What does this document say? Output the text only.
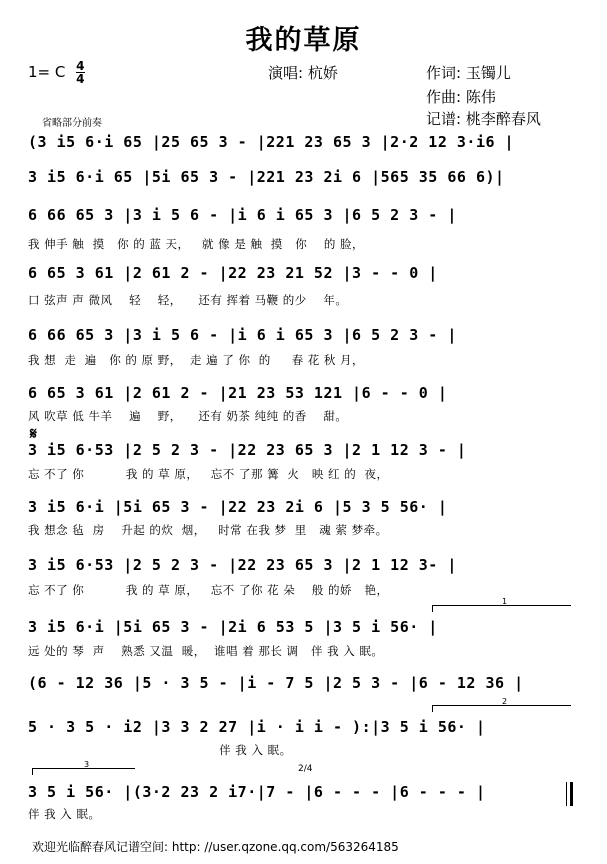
我的草原
1= C $\frac{4}{4}$	演唱: 杭娇	作词: 玉镯儿
作曲: 陈伟
记谱: 桃李醉春风
省略部分前奏
(3 i5 6·i 65 |25 65 3 - |221 23 65 3 |2·2 12 3·i6 |
3 i5 6·i 65 |5i 65 3 - |221 23 2i 6 |565 35 66 6)|
6 66 65 3 |3 i 5 6 - |i 6 i 65 3 |6 5 2 3 - |
我 伸手 触  摸   你 的 蓝 天，   就 像 是 触  摸   你    的 脸，
6 65 3 61 |2 61 2 - |22 23 21 52 |3 - - 0 |
口 弦声 声 微风    轻    轻，    还有 挥着 马鞭 的少    年。
6 66 65 3 |3 i 5 6 - |i 6 i 65 3 |6 5 2 3 - |
我 想  走  遍   你 的 原 野，  走 遍 了 你  的     春 花 秋 月，
6 65 3 61 |2 61 2 - |21 23 53 121 |6 - - 0 |
风 吹草 低 牛羊    遍    野，    还有 奶茶 纯纯 的香    甜。
𝄋
3 i5 6·53 |2 5 2 3 - |22 23 65 3 |2 1 12 3 - |
忘 不了 你          我 的 草 原，   忘不 了那 篝  火   映 红 的  夜，
3 i5 6·i |5i 65 3 - |22 23 2i 6 |5 3 5 56· |
我 想念 毡  房    升起 的炊  烟，   时常 在我 梦  里   魂 萦 梦牵。
3 i5 6·53 |2 5 2 3 - |22 23 65 3 |2 1 12 3- |
忘 不了 你          我 的 草 原，   忘不 了你 花 朵    般 的娇   艳，
1
3 i5 6·i |5i 65 3 - |2i 6 53 5 |3 5 i 56· |
远 处的 琴  声    熟悉 又温  暖，  谁唱 着 那长 调   伴 我 入 眠。
(6 - 12 36 |5 · 3 5 - |i - 7 5 |2 5 3 - |6 - 12 36 |
2
5 · 3 5 · i2 |3 3 2 27 |i · i i - ):|3 5 i 56· |
伴 我 入 眠。
3	2/4
3 5 i 56· |(3·2 23 2 i7·|7 - |6 - - - |6 - - - |
伴 我 入 眠。
欢迎光临醉春风记谱空间: http: //user.qzone.qq.com/563264185
